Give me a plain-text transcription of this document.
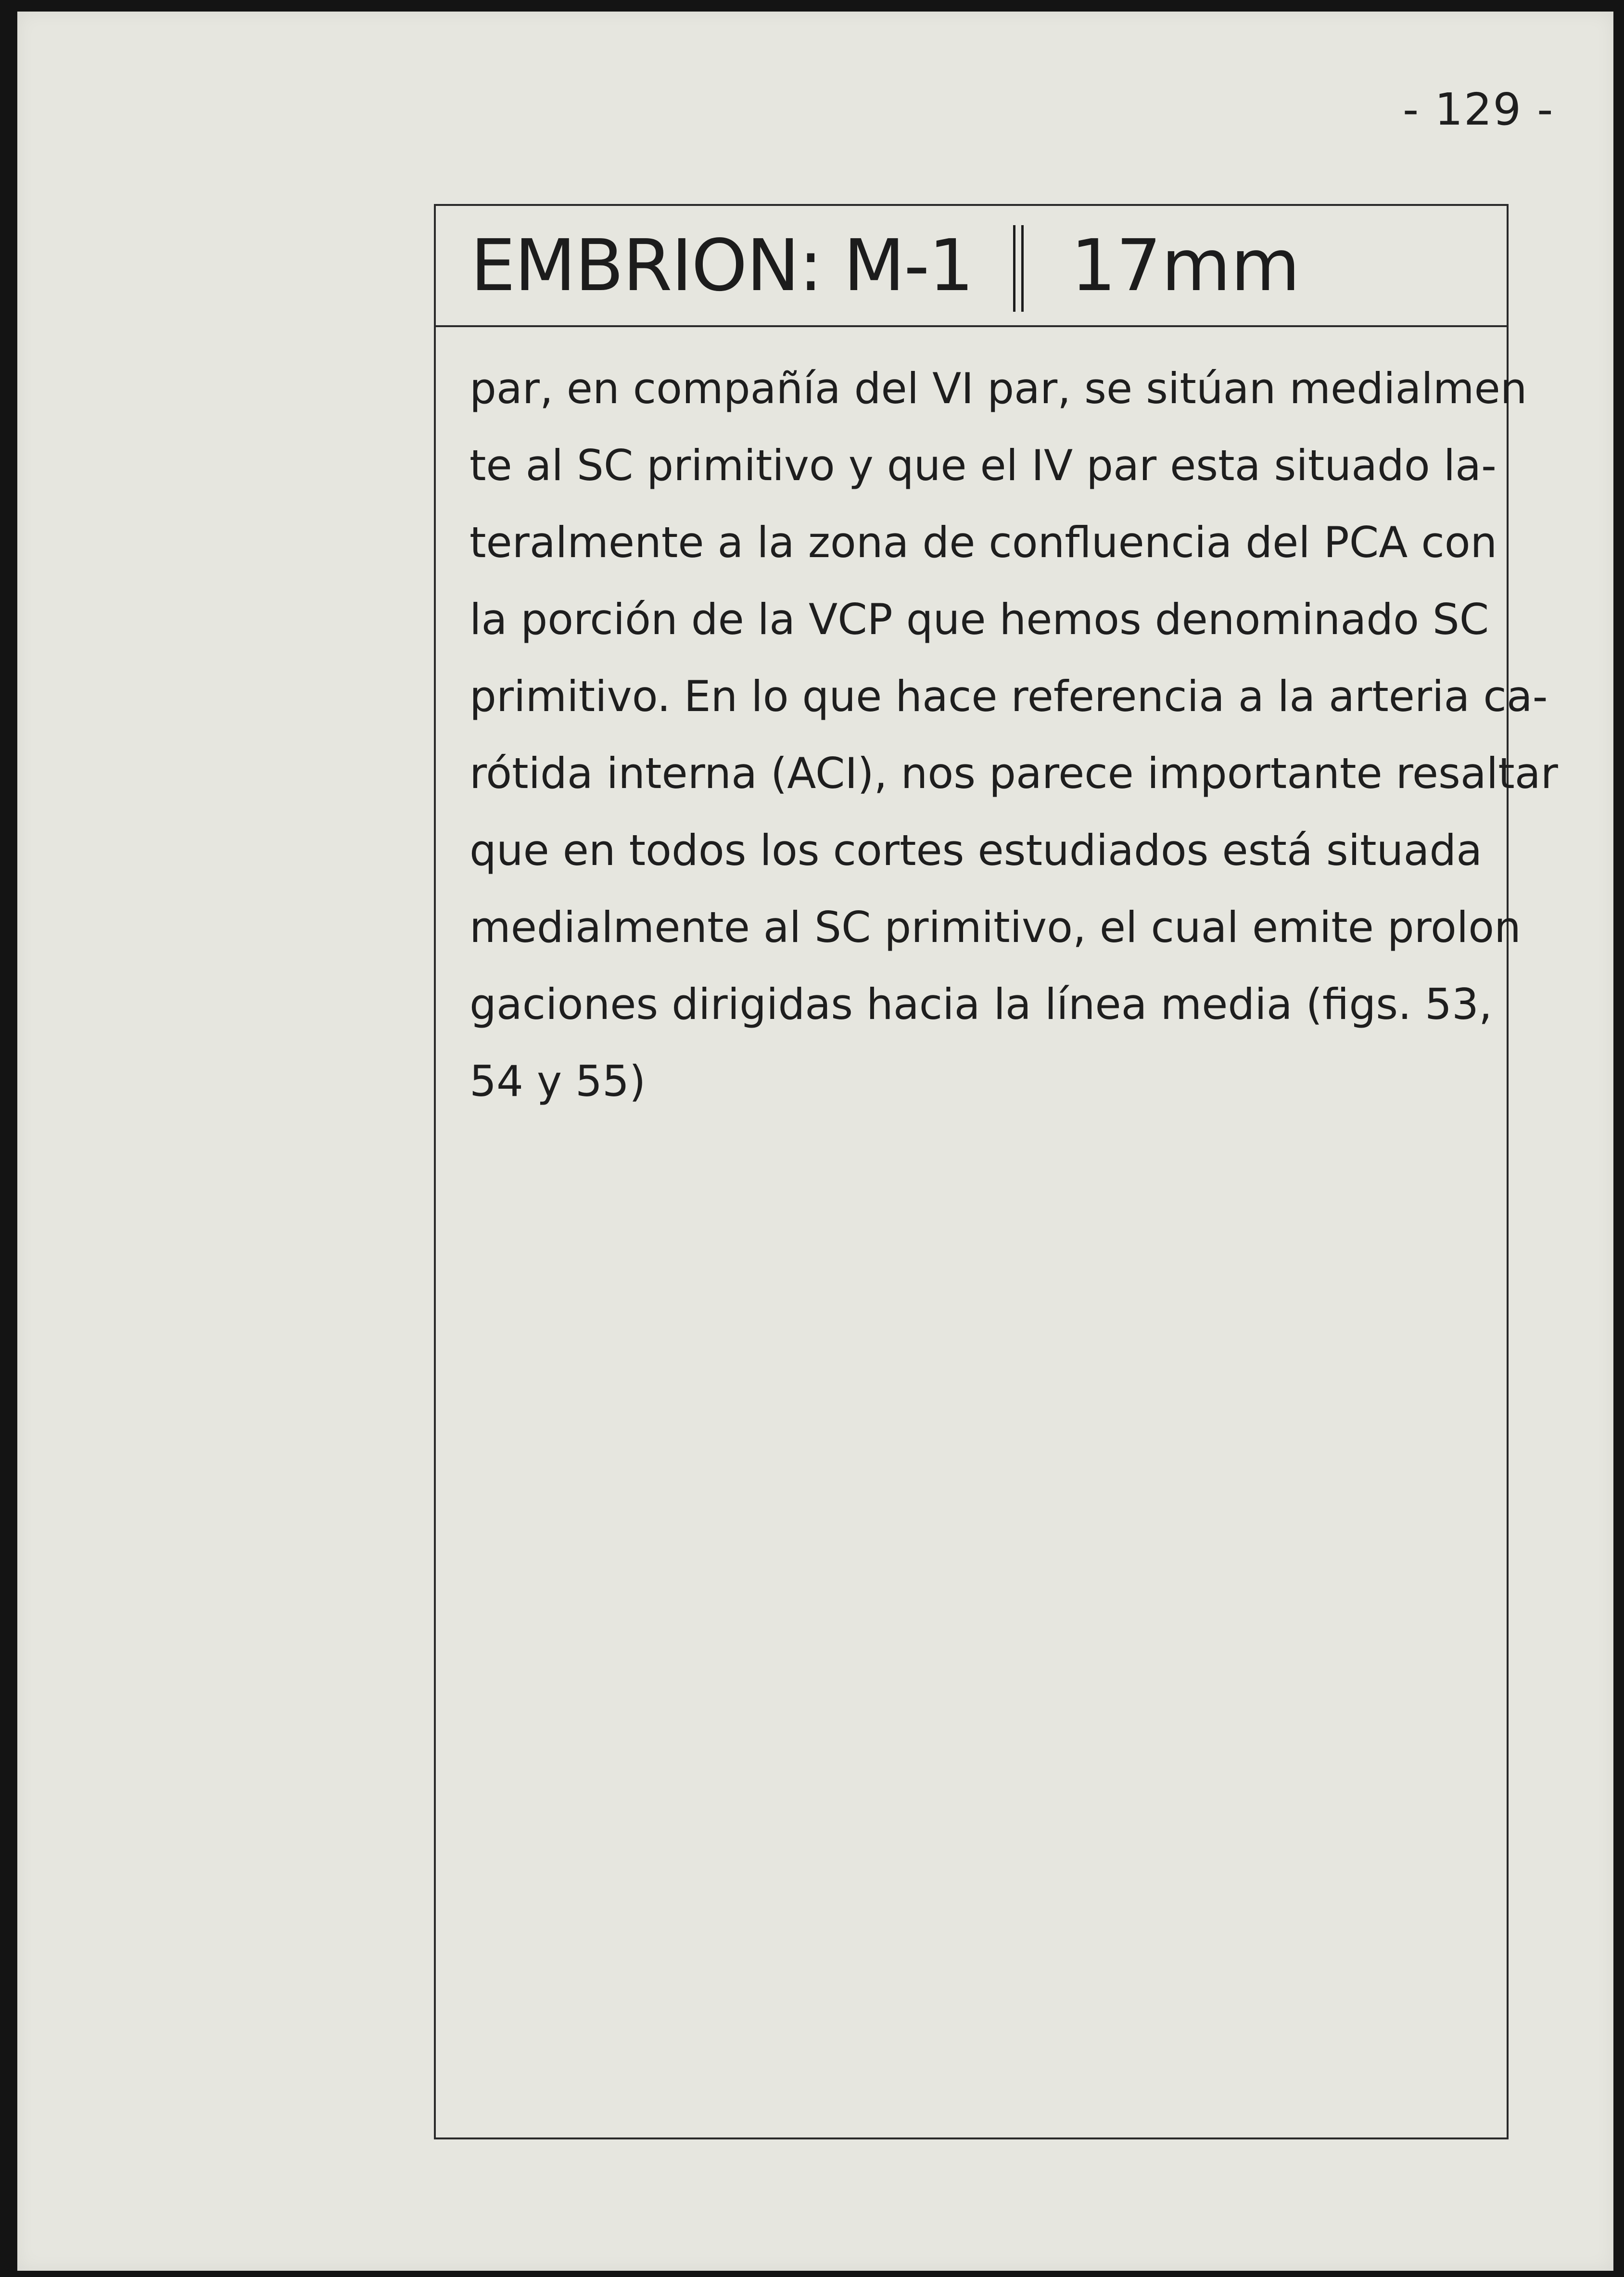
- 129 -
EMBRION: M-1 17mm
par, en compañía del VI par, se sitúan medialmen
te al SC primitivo y que el IV par esta situado la-
teralmente a la zona de confluencia del PCA con
la porción de la VCP que hemos denominado SC
primitivo. En lo que hace referencia a la arteria ca-
rótida interna (ACI), nos parece importante resaltar
que en todos los cortes estudiados está situada
medialmente al SC primitivo, el cual emite prolon
gaciones dirigidas hacia la línea media (figs. 53,
54 y 55)
